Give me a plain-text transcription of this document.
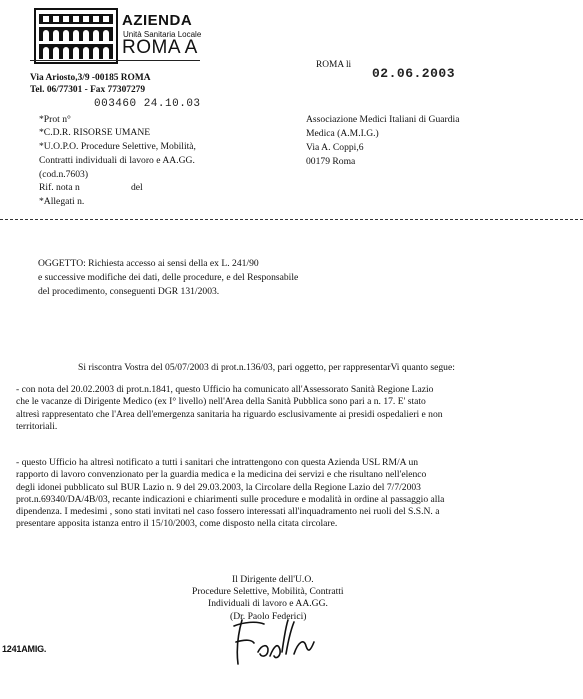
AZIENDA
Unità Sanitaria Locale
ROMA A
Via Ariosto,3/9 -00185 ROMA
Tel. 06/77301 - Fax 77307279
003460 24.10.03
ROMA li
02.06.2003
*Prot n°
*C.D.R. RISORSE UMANE
*U.O.P.O. Procedure Selettive, Mobilità,
Contratti individuali di lavoro e AA.GG.
(cod.n.7603)
Rif. nota n	del
*Allegati n.
Associazione Medici Italiani di Guardia
Medica (A.M.I.G.)
Via A. Coppi,6
00179 Roma
OGGETTO: Richiesta accesso ai sensi della ex L. 241/90
e successive modifiche dei dati, delle procedure, e del Responsabile
del procedimento, conseguenti DGR 131/2003.
Si riscontra Vostra del 05/07/2003 di prot.n.136/03, pari oggetto, per rappresentarVi quanto segue:
- con nota del 20.02.2003 di prot.n.1841, questo Ufficio ha comunicato all'Assessorato Sanità Regione Lazio
che le vacanze di Dirigente Medico (ex I° livello) nell'Area della Sanità Pubblica sono pari a n. 17. E' stato
altresì rappresentato che l'Area dell'emergenza sanitaria ha riguardo esclusivamente ai presidi ospedalieri e non
territoriali.
- questo Ufficio ha altresì notificato a tutti i sanitari che intrattengono con questa Azienda USL RM/A un
rapporto di lavoro convenzionato per la guardia medica e la medicina dei servizi e che risultano nell'elenco
degli idonei pubblicato sul BUR Lazio n. 9 del 29.03.2003, la Circolare della Regione Lazio del 7/7/2003
prot.n.69340/DA/4B/03, recante indicazioni e chiarimenti sulle procedure e modalità in ordine al passaggio alla
dipendenza. I medesimi , sono stati invitati nel caso fossero interessati all'inquadramento nei ruoli del S.S.N. a
presentare apposita istanza entro il 15/10/2003, come disposto nella citata circolare.
Il Dirigente dell'U.O.
Procedure Selettive, Mobilità, Contratti
Individuali di lavoro e AA.GG.
(Dr. Paolo Federici)
1241AMIG.
